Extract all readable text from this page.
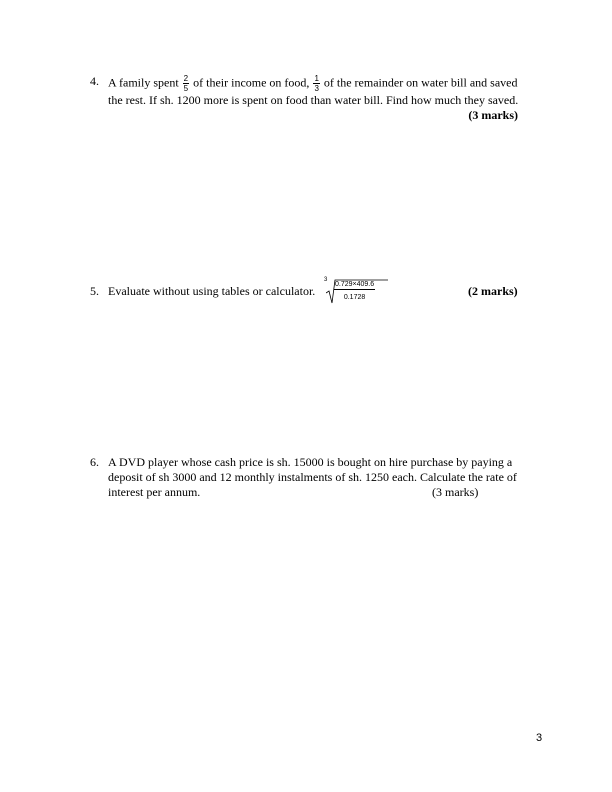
4. A family spent $\frac{2}{5}$ of their income on food, $\frac{1}{3}$ of the remainder on water bill and saved the rest. If sh. 1200 more is spent on food than water bill. Find how much they saved.
(3 marks)
5. Evaluate without using tables or calculator.	(2 marks)
$3 \frac{0.729\times 409.6}{0.1728}$
6. A DVD player whose cash price is sh. 15000 is bought on hire purchase by paying a deposit of sh 3000 and 12 monthly instalments of sh. 1250 each. Calculate the rate of interest per annum.	(3 marks)
3
